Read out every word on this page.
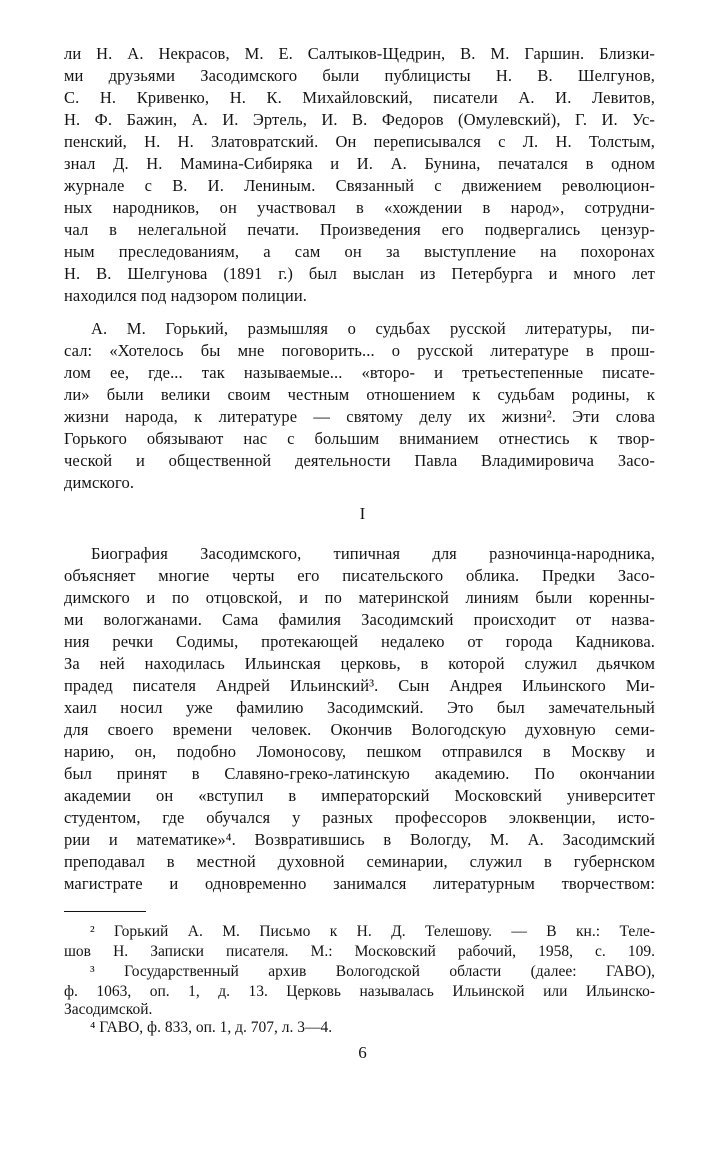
ли Н. А. Некрасов, М. Е. Салтыков-Щедрин, В. М. Гаршин. Близки-
ми друзьями Засодимского были публицисты Н. В. Шелгунов,
С. Н. Кривенко, Н. К. Михайловский, писатели А. И. Левитов,
Н. Ф. Бажин, А. И. Эртель, И. В. Федоров (Омулевский), Г. И. Ус-
пенский, Н. Н. Златовратский. Он переписывался с Л. Н. Толстым,
знал Д. Н. Мамина-Сибиряка и И. А. Бунина, печатался в одном
журнале с В. И. Лениным. Связанный с движением революцион-
ных народников, он участвовал в «хождении в народ», сотрудни-
чал в нелегальной печати. Произведения его подвергались цензур-
ным преследованиям, а сам он за выступление на похоронах
Н. В. Шелгунова (1891 г.) был выслан из Петербурга и много лет
находился под надзором полиции.
А. М. Горький, размышляя о судьбах русской литературы, пи-
сал: «Хотелось бы мне поговорить... о русской литературе в прош-
лом ее, где... так называемые... «второ- и третьестепенные писате-
ли» были велики своим честным отношением к судьбам родины, к
жизни народа, к литературе — святому делу их жизни². Эти слова
Горького обязывают нас с большим вниманием отнестись к твор-
ческой и общественной деятельности Павла Владимировича Засо-
димского.
I
Биография Засодимского, типичная для разночинца-народника,
объясняет многие черты его писательского облика. Предки Засо-
димского и по отцовской, и по материнской линиям были коренны-
ми вологжанами. Сама фамилия Засодимский происходит от назва-
ния речки Содимы, протекающей недалеко от города Кадникова.
За ней находилась Ильинская церковь, в которой служил дьячком
прадед писателя Андрей Ильинский³. Сын Андрея Ильинского Ми-
хаил носил уже фамилию Засодимский. Это был замечательный
для своего времени человек. Окончив Вологодскую духовную семи-
нарию, он, подобно Ломоносову, пешком отправился в Москву и
был принят в Славяно-греко-латинскую академию. По окончании
академии он «вступил в императорский Московский университет
студентом, где обучался у разных профессоров элоквенции, исто-
рии и математике»⁴. Возвратившись в Вологду, М. А. Засодимский
преподавал в местной духовной семинарии, служил в губернском
магистрате и одновременно занимался литературным творчеством:
² Горький А. М. Письмо к Н. Д. Телешову. — В кн.: Теле-
шов Н. Записки писателя. М.: Московский рабочий, 1958, с. 109.
³ Государственный архив Вологодской области (далее: ГАВО),
ф. 1063, оп. 1, д. 13. Церковь называлась Ильинской или Ильинско-
Засодимской.
⁴ ГАВО, ф. 833, оп. 1, д. 707, л. 3—4.
6
